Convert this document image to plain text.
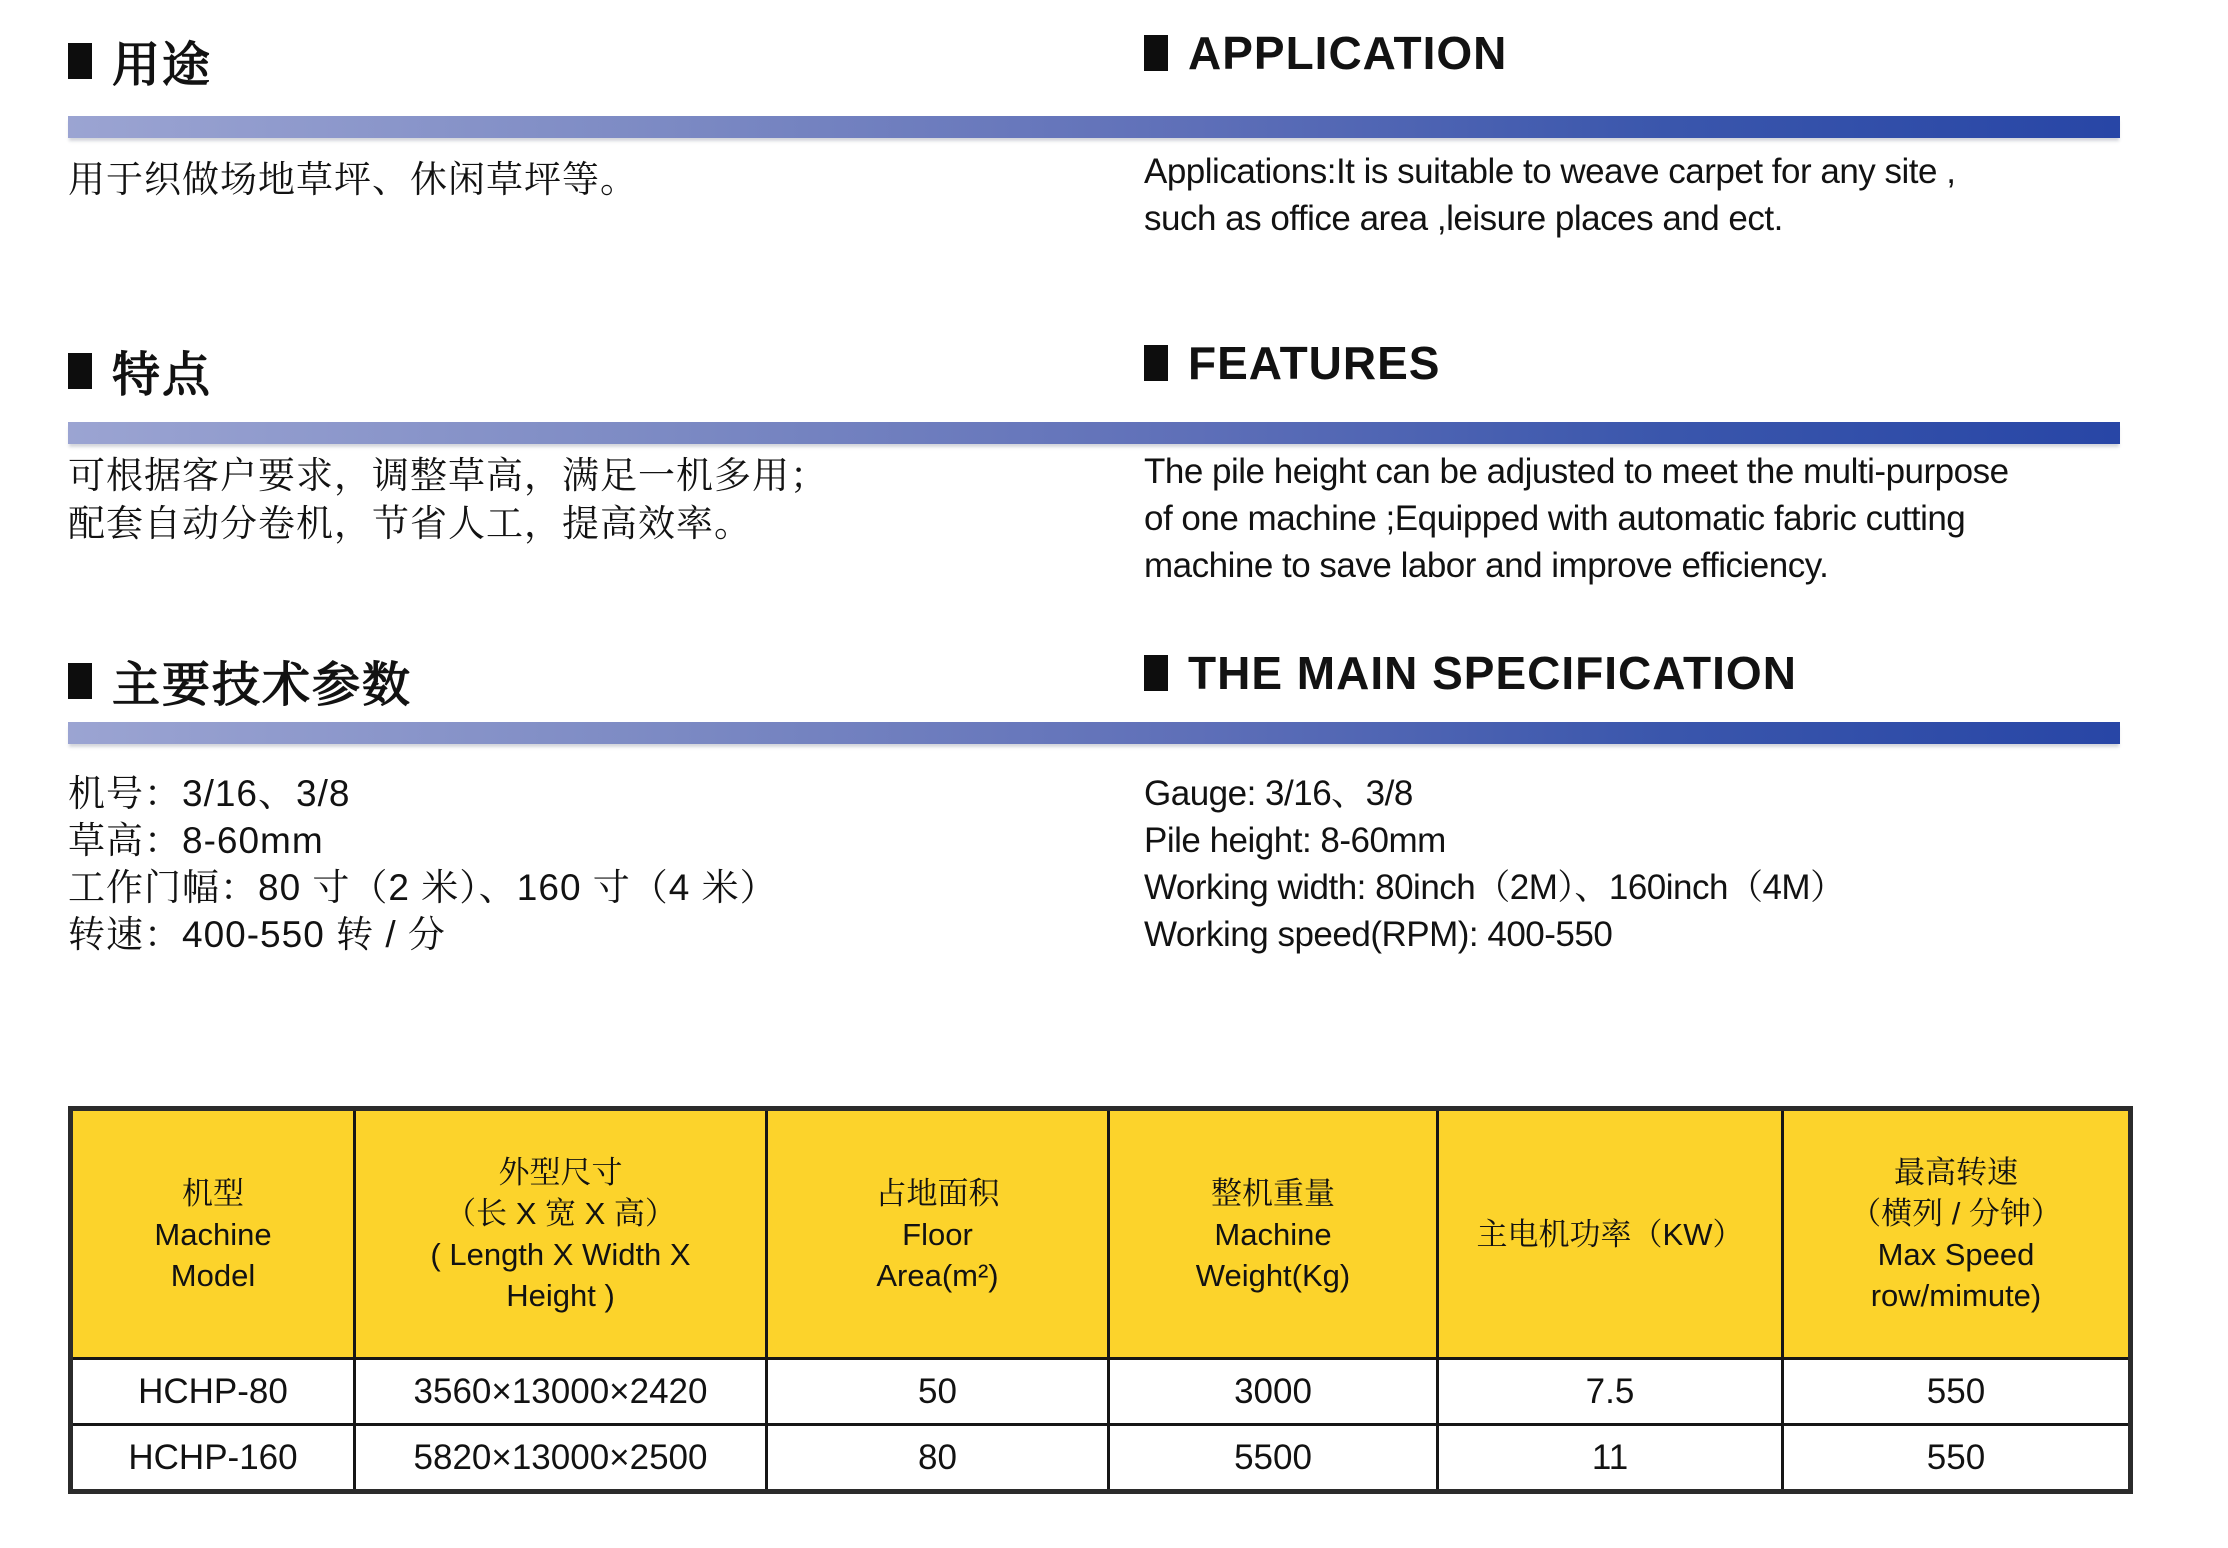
用途	APPLICATION
用于织做场地草坪、休闲草坪等。	Applications:It is suitable to weave carpet for any site ,
such as office area ,leisure places and ect.
特点	FEATURES
可根据客户要求，调整草高，满足一机多用；
配套自动分卷机，节省人工，提高效率。
The pile height can be adjusted to meet the multi-purpose
of one machine ;Equipped with automatic fabric cutting
machine to save labor and improve efficiency.
主要技术参数	THE MAIN SPECIFICATION
机号：3/16、3/8
草高：8-60mm
工作门幅：80 寸（2 米）、160 寸（4 米）
转速：400-550 转 / 分
Gauge: 3/16、3/8
Pile height: 8-60mm
Working width: 80inch（2M）、160inch（4M）
Working speed(RPM): 400-550
机型
Machine
Model	外型尺寸
（长 X 宽 X 高）
( Length X Width X
Height )	占地面积
Floor
Area(m²)	整机重量
Machine
Weight(Kg)	主电机功率（KW）	最高转速
（横列 / 分钟）
Max Speed
row/mimute)

HCHP-80	3560×13000×2420	50	3000	7.5	550
HCHP-160	5820×13000×2500	80	5500	11	550
